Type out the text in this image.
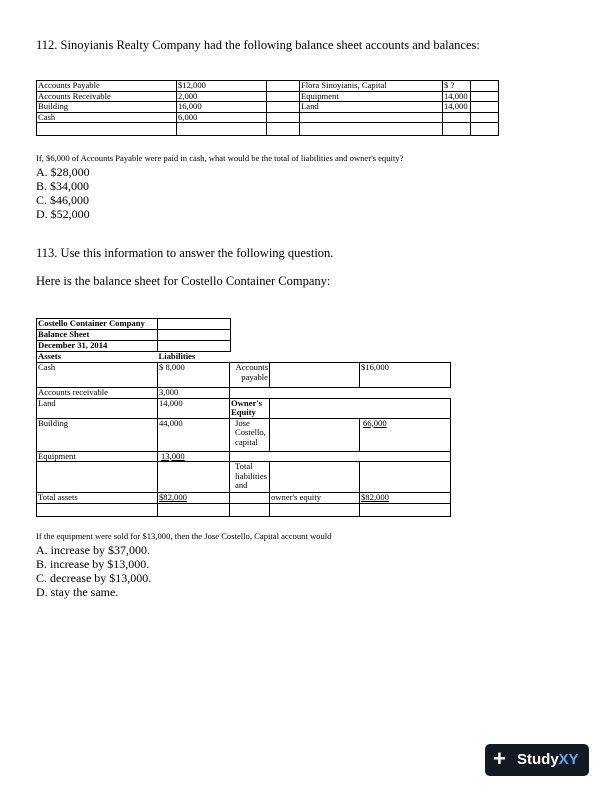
112. Sinoyianis Realty Company had the following balance sheet accounts and balances:
Accounts Payable	$12,000		Flora Sinoyianis, Capital	$ ?	
Accounts Receivable	2,000		Equipment	14,000	
Building	16,000		Land	14,000	
Cash	6,000				

If, $6,000 of Accounts Payable were paid in cash, what would be the total of liabilities and owner's equity?
A. $28,000
B. $34,000
C. $46,000
D. $52,000
113. Use this information to answer the following question.
Here is the balance sheet for Costello Container Company:
Costello Container Company	
Balance Sheet	
December 31, 2014	
Assets	Liabilities
Cash	$ 8,000	Accounts payable		$16,000
Accounts receivable	3,000			
Land	14,000	Owner's Equity		
Building	44,000	Jose Costello, capital		66,000
Equipment	13,000			
		Total liabilities and		
Total assets	$82,000		owner's equity	$82,000

If the equipment were sold for $13,000, then the Jose Costello, Capital account would
A. increase by $37,000.
B. increase by $13,000.
C. decrease by $13,000.
D. stay the same.
+ StudyXY
